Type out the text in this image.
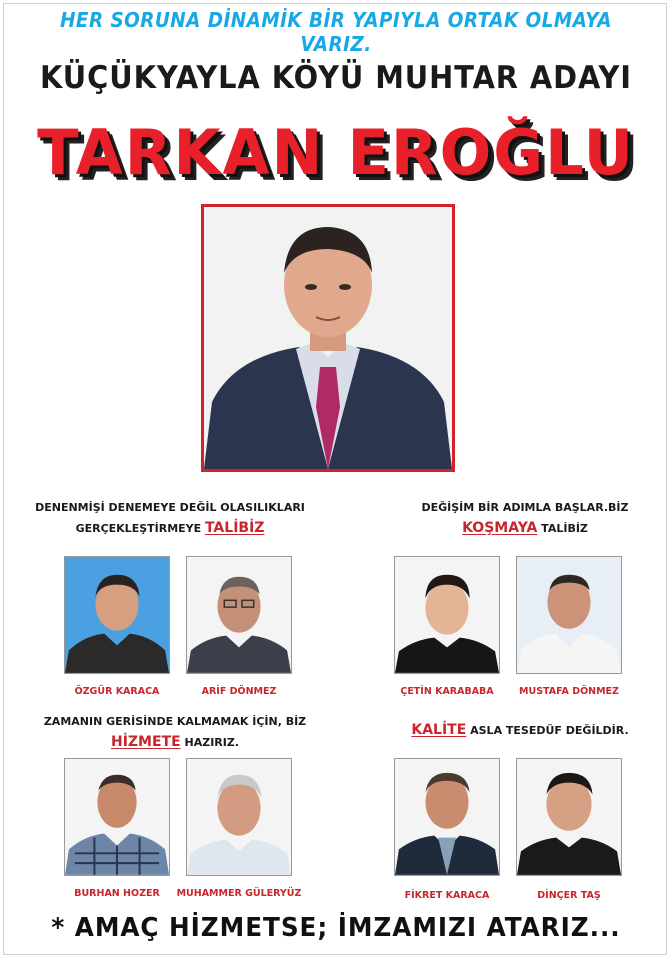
HER SORUNA DİNAMİK BİR YAPIYLA ORTAK OLMAYA VARIZ.
KÜÇÜKYAYLA KÖYÜ MUHTAR ADAYI
TARKAN EROĞLU
DENENMİŞİ DENEMEYE DEĞİL OLASILIKLARI
GERÇEKLEŞTİRMEYE TALİBİZ
DEĞİŞİM BİR ADIMLA BAŞLAR.BİZ
KOŞMAYA TALİBİZ
ZAMANIN GERİSİNDE KALMAMAK İÇİN, BİZ
HİZMETE HAZIRIZ.
KALİTE ASLA TESEDÜF DEĞİLDİR.
ÖZGÜR KARACA	ARİF DÖNMEZ	ÇETİN KARABABA	MUSTAFA DÖNMEZ
BURHAN HOZER	MUHAMMER GÜLERYÜZ	FİKRET KARACA	DİNÇER TAŞ
* AMAÇ HİZMETSE; İMZAMIZI ATARIZ...
